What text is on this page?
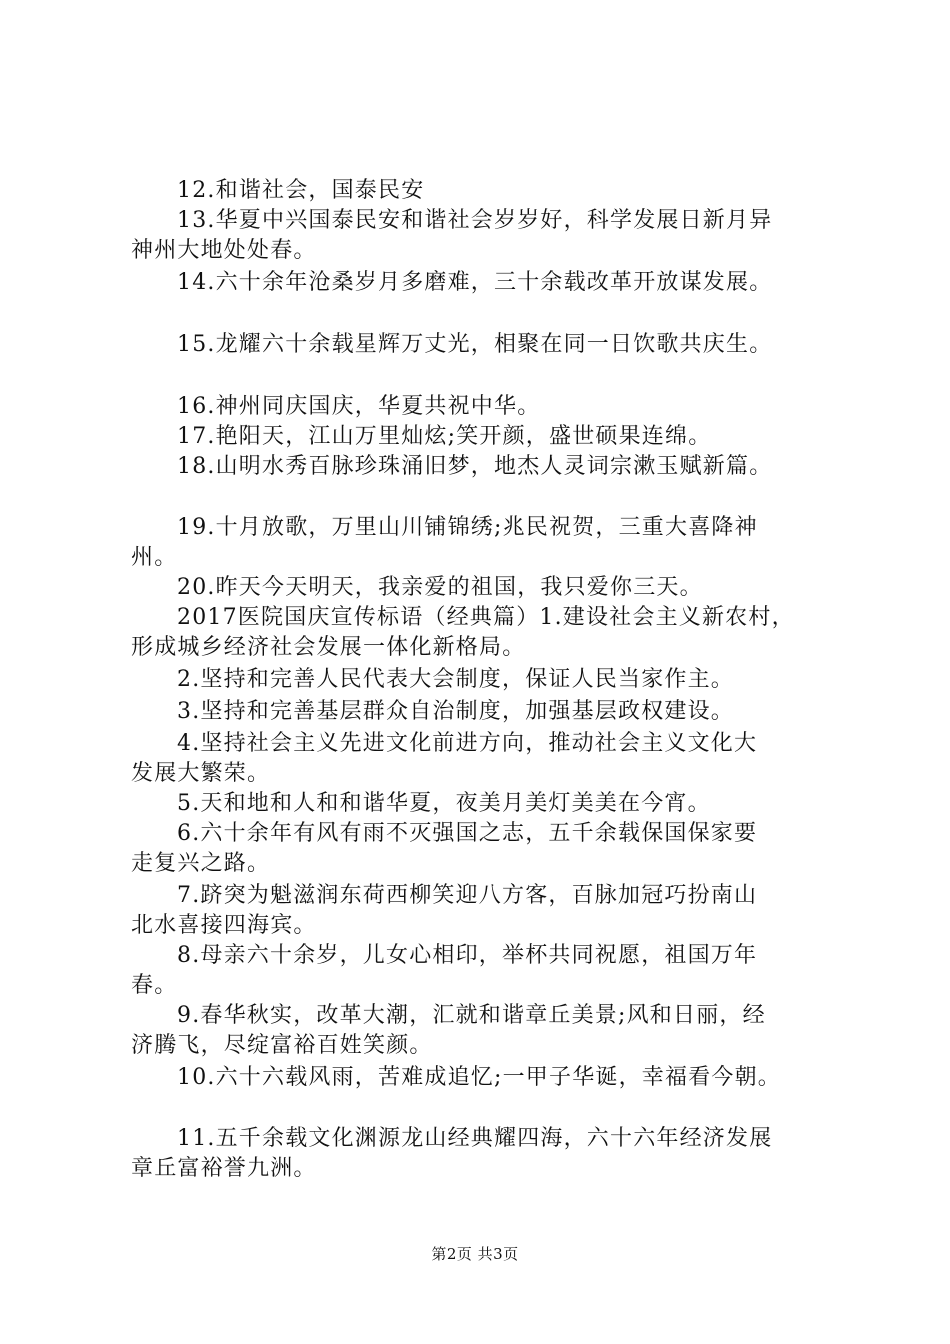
12.和谐社会，国泰民安
13.华夏中兴国泰民安和谐社会岁岁好，科学发展日新月异
神州大地处处春。
14.六十余年沧桑岁月多磨难，三十余载改革开放谋发展。
15.龙耀六十余载星辉万丈光，相聚在同一日饮歌共庆生。
16.神州同庆国庆，华夏共祝中华。
17.艳阳天，江山万里灿炫;笑开颜，盛世硕果连绵。
18.山明水秀百脉珍珠涌旧梦，地杰人灵词宗漱玉赋新篇。
19.十月放歌，万里山川铺锦绣;兆民祝贺，三重大喜降神
州。
20.昨天今天明天，我亲爱的祖国，我只爱你三天。
2017医院国庆宣传标语（经典篇）1.建设社会主义新农村，
形成城乡经济社会发展一体化新格局。
2.坚持和完善人民代表大会制度，保证人民当家作主。
3.坚持和完善基层群众自治制度，加强基层政权建设。
4.坚持社会主义先进文化前进方向，推动社会主义文化大
发展大繁荣。
5.天和地和人和和谐华夏，夜美月美灯美美在今宵。
6.六十余年有风有雨不灭强国之志，五千余载保国保家要
走复兴之路。
7.跻突为魁滋润东荷西柳笑迎八方客，百脉加冠巧扮南山
北水喜接四海宾。
8.母亲六十余岁，儿女心相印，举杯共同祝愿，祖国万年
春。
9.春华秋实，改革大潮，汇就和谐章丘美景;风和日丽，经
济腾飞，尽绽富裕百姓笑颜。
10.六十六载风雨，苦难成追忆;一甲子华诞，幸福看今朝。
11.五千余载文化渊源龙山经典耀四海，六十六年经济发展
章丘富裕誉九洲。
第2页 共3页
